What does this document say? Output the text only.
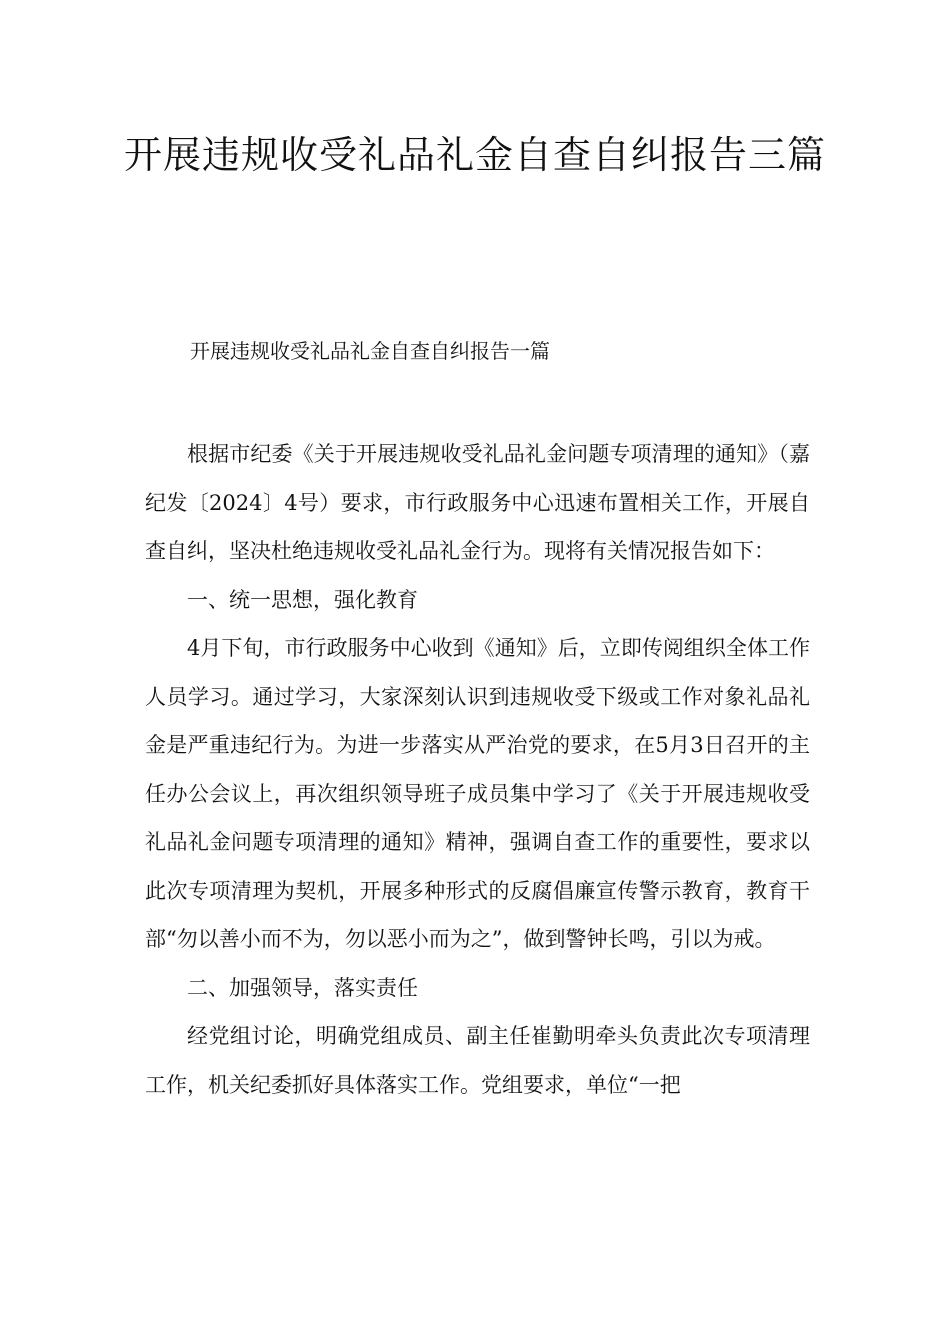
开展违规收受礼品礼金自查自纠报告三篇

开展违规收受礼品礼金自查自纠报告一篇

根据市纪委《关于开展违规收受礼品礼金问题专项清理的通知》（嘉纪发〔2024〕4号）要求，市行政服务中心迅速布置相关工作，开展自查自纠，坚决杜绝违规收受礼品礼金行为。现将有关情况报告如下：

一、统一思想，强化教育

4月下旬，市行政服务中心收到《通知》后，立即传阅组织全体工作人员学习。通过学习，大家深刻认识到违规收受下级或工作对象礼品礼金是严重违纪行为。为进一步落实从严治党的要求，在5月3日召开的主任办公会议上，再次组织领导班子成员集中学习了《关于开展违规收受礼品礼金问题专项清理的通知》精神，强调自查工作的重要性，要求以此次专项清理为契机，开展多种形式的反腐倡廉宣传警示教育，教育干部“勿以善小而不为，勿以恶小而为之”，做到警钟长鸣，引以为戒。

二、加强领导，落实责任

经党组讨论，明确党组成员、副主任崔勤明牵头负责此次专项清理工作，机关纪委抓好具体落实工作。党组要求，单位“一把
